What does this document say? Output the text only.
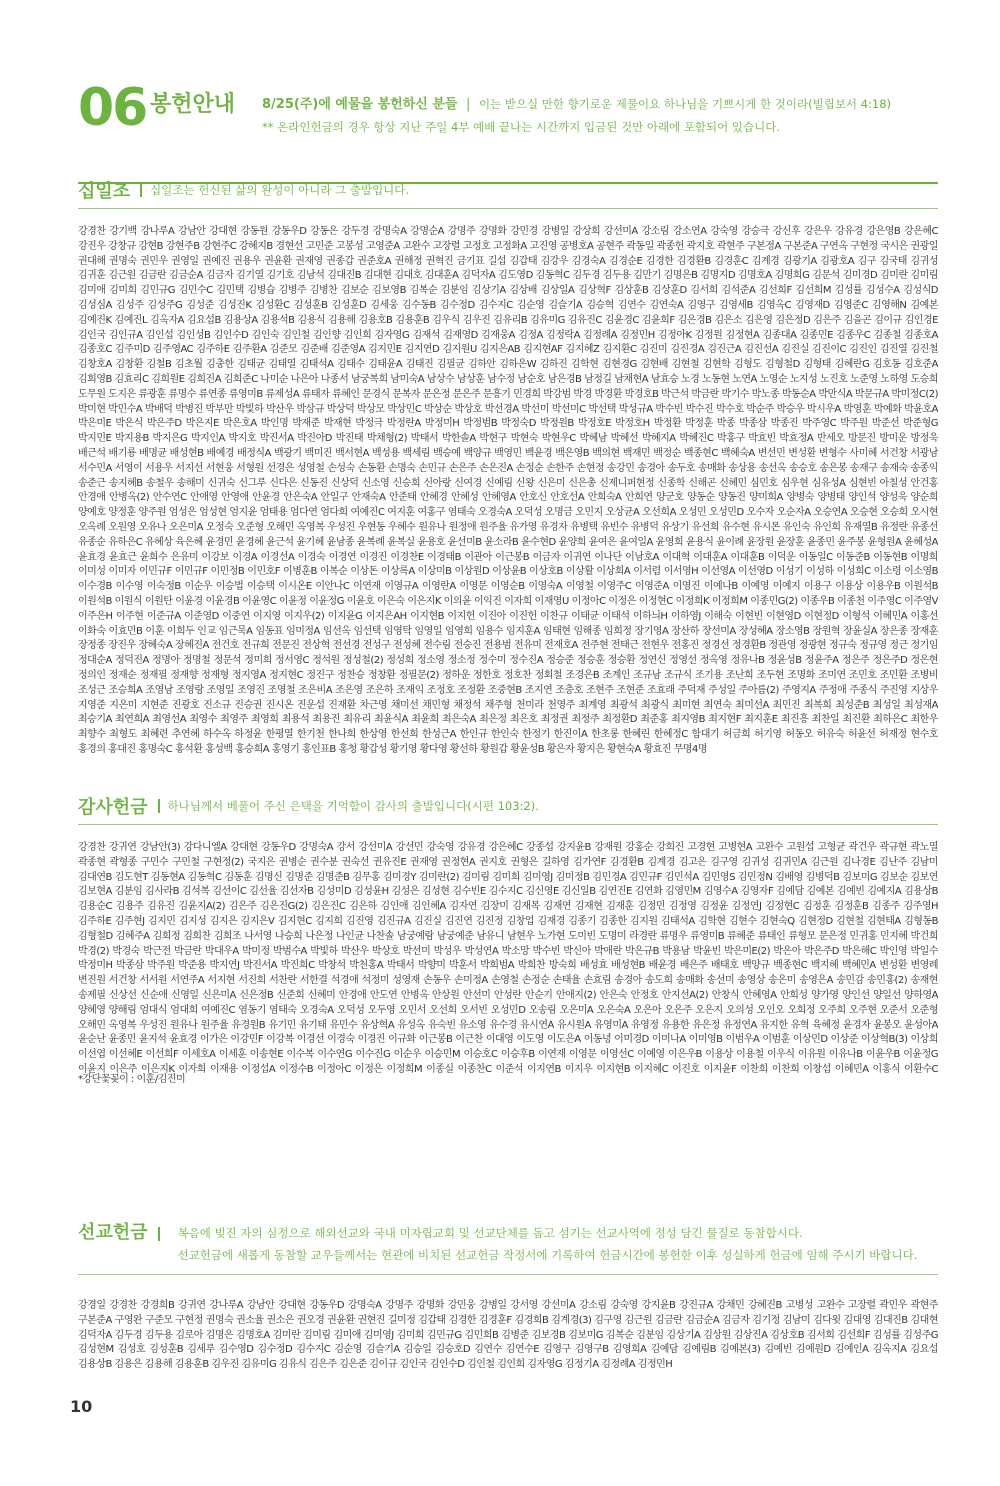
06 봉헌안내 8/25(주)에 예물을 봉헌하신 분들 | 이는 받으실 만한 향기로운 제물이요 하나님을 기쁘시게 한 것이라(빌립보서 4:18)
** 온라인헌금의 경우 항상 지난 주일 4부 예배 끝나는 시간까지 입금된 것만 아래에 포함되어 있습니다.
십일조 십일조는 헌신된 삶의 완성이 아니라 그 출발입니다.
강경찬 강기백 강나루A 강남안 강대현 강동원 강동우D 강동은 강두경 강명숙A 강명순A 강명주 강명화 강민경 강병일 강상희 강선미A 강소림 강소연A 강숙영 강승극 강신후 강은우 강유경 강은영B 강은혜C 강진우 강창규 강현B 강현주B 강현주C 강혜지B 경현선 고민준 고봉성 고영준A 고완수 고장렬 고정호 고정화A 고진영 공병호A 공현주 곽동일 곽종헌 곽지호 곽현주 구본정A 구본준A 구연옥 구현정 국시은 권광일 권대해 권명숙 권민우 권영일 권예진 권용우 권윤환 권재영 권종갑 권준호A 권해정 권혁진 금기표 길섭 김갑태 김강우 김경숙A 김경순E 김경한 김경환B 김경훈C 김계경 김광기A 김광호A 김구 김국태 김귀성 김귀훈 김근원 김금란 김금순A 김금자 김기열 김기호 김남석 김대진B 김대현 김대호 김대훈A 김덕자A 김도영D 김동혁C 김두경 김두용 김만기 김명은B 김명지D 김명호A 김명희G 김문석 김미경D 김미란 김미림 김미애 김미희 김민규G 김민수C 김민택 김병습 김병주 김병찬 김보순 김보영B 김복순 김분임 김상기A 김상배 김상일A 김상혁F 김상훈B 김상훈D 김서희 김석준A 김선희F 김선희M 김성률 김성수A 김성식D 김성심A 김성주 김성주G 김성준 김성진K 김성환C 김성훈B 김성훈D 김세웅 김수동B 김수정D 김수지C 김순영 김슬기A 김승혁 김연수 김연숙A 김영구 김영세B 김영옥C 김영재D 김영준C 김영해N 김예본 김예진K 김예진L 김옥자A 김요섭B 김용상A 김용석B 김용식 김용해 김용호B 김용훈B 김우식 김우진 김유리B 김유미G 김유진C 김윤경C 김윤희F 김은경B 김은소 김은영 김은정D 김은주 김을곤 김이규 김인경E 김인국 김인규A 김인섭 김인성B 김인수D 김인숙 김인철 김인향 김인희 김자영G 김재석 김재영D 김재웅A 김정A 김정락A 김정례A 김정민H 김정아K 김정원 김정현A 김종대A 김종민E 김종우C 김종철 김종호A 김종호C 김주미D 김주영AC 김주하E 김주환A 김준모 김준배 김준영A 김지민E 김지연D 김지원U 김지은AB 김지현AF 김지혜Z 김지환C 김진미 김진경A 김진근A 김진선A 김진실 김진이C 김진인 김진열 김진철 김창호A 김창환 김철B 김초월 김충한 김태균 김태열 김태석A 김태수 김태윤A 김태진 김필균 김하안 김하은W 김하진 김학현 김현경G 김현배 김현철 김현학 김형도 김형철D 김형태 김혜란G 김호동 김호준A 김회영B 김효리C 김희원E 김희진A 김희준C 나미순 나은아 나종서 남궁복희 남미숙A 남상수 남상훈 남수정 남순호 남은경B 남정길 남채현A 남효승 노경 노동현 노연A 노영순 노지성 노진호 노준영 노하영 도승희 도무원 도지은 류광훈 류명수 류연종 류영미B 류제성A 류태자 류혜인 문경식 문복자 문은정 문은주 문흥기 민경희 박강범 박경 박경환 박경호B 박근석 박금란 박기수 박노종 박동순A 박만식A 박문규A 박미정C(2) 박미현 박민수A 박배덕 박병진 박부만 박빛하 박산우 박삼규 박상덕 박상모 박상민C 박상순 박상호 박선경A 박선미 박선미C 박선택 박성규A 박수빈 박수진 박수호 박순주 박승우 박시우A 박영훈 박예화 박윤호A 박은미E 박은식 박은주D 박은지E 박은호A 박인명 박재준 박재현 박정극 박정란A 박정미H 박정범B 박정숙D 박정원B 박정호E 박정호H 박정환 박정훈 박종 박종삼 박종진 박주영C 박주원 박준선 박준형G 박지민E 박지용B 박지은G 박지인A 박지호 박진서A 박진아D 박진태 박채형(2) 박태서 박한솔A 박현구 박현숙 박현우C 박혜남 박혜선 박혜지A 박혜진C 박홍구 박효빈 박효정A 반세오 방문진 방미운 방정욱 배근석 배기룡 배명균 배성현B 배예경 배정식A 백광기 백미진 백서현A 백성용 백세림 백승예 백양규 백영민 백윤경 백은영B 백의현 백재민 백정순 백종현C 백혜숙A 변선민 변성환 변형수 사미혜 서건창 서광남 서수민A 서영이 서용우 서지선 서현웅 서형원 선경은 성영철 손성숙 손동환 손명숙 손민규 손은주 손은진A 손정순 손한주 손현정 송강민 송경아 송두호 송매화 송상용 송선옥 송승호 송은봉 송재구 송재숙 송종익 송준근 송지혜B 송철우 송해미 신귀숙 신그루 신다은 신동진 신상덕 신소영 신승희 신아랑 신여경 신예림 신왕 신은미 신은총 신제니퍼현정 신종학 신해곤 신혜민 심민호 심우현 심유성A 심현빈 아칠성 안건홍 안경애 안병옥(2) 안수연C 안애영 안영애 안윤경 안은숙A 안일구 안재숙A 안준태 안혜경 안혜성 안혜영A 안호신 안호선A 안희숙A 안희연 양군호 양동순 양동진 양미희A 양병숙 양병태 양인석 양성욱 양순희 양예호 양정훈 양주원 엄성은 엄성현 엄지윤 엄태용 엄다연 엄다희 여예진C 여지훈 여홍구 염태숙 오경숙A 오덕성 오명금 오민지 오상균A 오선희A 오성민 오성민D 오수자 오순자A 오승연A 오승현 오승희 오시현 오옥례 오원영 오유나 오은미A 오정숙 오준형 오해민 옥영복 우성진 우현동 우혜수 원유나 원정애 원주율 유가영 유경자 유병택 유빈수 유병덕 유상기 유선희 유수현 유시몬 유인숙 유인희 유재열B 유정란 유종선 유종순 유하은C 유혜상 육은혜 윤경민 윤경혜 윤근석 윤기혜 윤남종 윤복례 윤복실 윤용호 윤선미B 윤소라B 윤수현D 윤양희 윤여은 윤여일A 윤영희 윤용식 윤이례 윤장원 윤장훈 윤종민 윤주봉 윤형원A 윤혜성A 윤효경 윤효근 윤희수 은유미 이강보 이경A 이경선A 이경숙 이경연 이경진 이경찬E 이경태B 이관아 이근봉B 이금자 이귀연 이나단 이남호A 이대혁 이대훈A 이대훈B 이덕운 이동일C 이동준B 이동현B 이명희 이미성 이미자 이민규F 이민규F 이민정B 이민호F 이병훈B 이복순 이상돈 이상록A 이상미B 이상원D 이상윤B 이상호B 이상활 이상희A 이서렴 이서영H 이선영A 이선영D 이성기 이성하 이성희C 이소령 이소영B 이수경B 이수영 이숙정B 이순우 이승법 이승택 이시온E 이안나C 이연재 이영규A 이영란A 이영문 이영순B 이영숙A 이영철 이영주C 이영준A 이영진 이예나B 이예영 이예지 이용구 이용상 이용우B 이원석B 이원석B 이원식 이원탄 이윤경 이윤경B 이윤영C 이윤정 이윤정G 이윤호 이은숙 이은지K 이의윤 이익진 이자희 이재영U 이정아C 이정은 이정현C 이정희K 이정희M 이종민G(2) 이종우B 이종천 이주영C 이주영V 이주은H 이주현 이준규A 이준영D 이중연 이지영 이지우(2) 이지윤G 이지은AH 이지현B 이지헌 이진아 이진헌 이찬규 이태균 이태석 이하늬H 이하영J 이해숙 이현빈 이현영D 이현정D 이형석 이혜민A 이홍선 이화숙 이효민B 이훈 이희두 인교 임근묵A 임동표 임미정A 임선옥 임선택 임영탁 임영일 임영희 임용수 임지훈A 임태현 임해종 임희정 장기영A 장산하 장선미A 장성혜A 장소영B 장원혁 장윤실A 장은종 장재훈 장정종 장진우 장혜숙A 장혜진A 전건호 전규희 전문진 전상혁 전선경 전성구 전성혜 전수림 전승진 전용범 전유미 전재호A 전주현 전태근 전현우 전홍진 정경선 정경환B 정관영 정광현 정규숙 정규영 정근 정기임 정대순A 정덕진A 정명아 정명철 정문석 정미희 정서영C 정석원 정성철(2) 정성희 정소영 정소정 정수미 정수진A 정승준 정승훈 정승환 정연신 정영선 정옥영 정유나B 정윤성B 정윤주A 정은주 정은주D 정은현 정의인 정재순 정재필 정재향 정재형 정지영A 정지현C 정진구 정찬승 정창환 정필문(2) 정하운 정한호 정호찬 정회철 조경은B 조계인 조규남 조규식 조기용 조난희 조두현 조명화 조미연 조민호 조민환 조병비 조성근 조승희A 조영남 조영랑 조영일 조영진 조영철 조은비A 조은영 조은하 조재익 조정호 조정환 조중현B 조지연 조층호 조현주 조현준 조효래 주덕재 주성일 주아름(2) 주영지A 주정애 주종식 주진영 지상우 지영준 지은미 지현준 진광호 진소규 진승권 진시온 진운섭 진재환 차근영 채미선 채민형 채정석 채주형 천미라 천영주 최계영 최광석 최광식 최미현 최연숙 최미선A 최민진 최복희 최성준B 최성일 최성재A 최승기A 최연희A 최영선A 최영수 최영주 최영희 최용석 최용진 최유리 최윤식A 최윤희 최은숙A 최은정 최은호 최정권 최정주 최정환D 최준홍 최지영B 최지현F 최지훈E 최진흥 최찬일 최진환 최하은C 최한우 최향수 최형도 최혜련 추연혜 하수옥 하정윤 한평열 한기천 한나희 한상영 한선희 한성근A 한인규 한인숙 한정기 한진이A 한초롱 한혜린 한혜정C 함대기 허금희 허기영 허동오 허유숙 허윤선 허재정 현수호 홍경의 홍대진 홍명숙C 홍석환 홍성백 홍승희A 홍영기 홍인표B 홍청 황갑성 황기영 황다영 황선하 황원갑 황윤성B 황은자 황지은 황현숙A 황효진 무명4명
감사헌금 하나님께서 베풀어 주신 은택을 기억함이 감사의 출발입니다(시편 103:2).
강경찬 강귀연 강남안(3) 강다니엘A 강대현 강동우D 강명숙A 강서 강선미A 강선민 강숙영 강유경 강은혜C 강종섭 강지윤B 강재원 강홍순 강희진 고경현 고병현A 고완수 고원섭 고형균 곽건우 곽규현 곽노열 곽종현 곽형종 구민수 구민철 구현정(2) 국지은 권병순 권수분 권숙선 권유진E 권재영 권정현A 권지호 권형은 길하영 김가연F 김경환B 김계경 김고은 김구영 김귀성 김귀민A 김근원 김나경E 김난주 김남미 김대연B 김도현T 김동현A 김동혁C 김동훈 김명신 김명준 김명준B 김무홍 김미경Y 김미란(2) 김미림 김미희 김미영J 김미정B 김민경A 김민규F 김민석A 김민영S 김민정N 김배영 김병덕B 김보미G 김보순 김보연 김보현A 김분임 김사라B 김석복 김선이C 김선율 김선자B 김성미D 김성윤H 김성은 김성현 김수빈E 김수지C 김신영E 김신일B 김연진E 김연화 김영민M 김영수A 김영자F 김예담 김예본 김예빈 김예지A 김용상B 김용순C 김용주 김유진 김윤지A(2) 김은주 김은진G(2) 김은진C 김은하 김인애 김인혜A 김자연 김장미 김재목 김재연 김재현 김재훈 김정민 김정영 김정윤 김정연J 김정현C 김정훈 김정훈B 김종주 김주영H 김주하E 김주현J 김지민 김지성 김지은 김지은V 김지현C 김지희 김진영 김진규A 김진실 김진연 김진정 김창업 김재경 김종기 김종한 김지원 김태석A 김학현 김현수 김현숙Q 김현정D 김현철 김현태A 김형동B 김형철D 김혜주A 김희정 김희찬 김희조 나서영 나승희 나은정 나인균 나찬솔 남궁예람 남궁예준 남유니 남현우 노가현 도미빈 도명미 라경란 류명우 류영미B 류혜준 류태인 류형모 문은정 민귀홍 민지혜 박건희 박경(2) 박경숙 박근전 박금란 박대우A 박미정 박범수A 박빛하 박산우 박상호 박선미 박성우 박성연A 박소망 박수빈 박신아 박애란 박은규B 박용남 박윤빈 박은미E(2) 박은아 박은주D 박은해C 박인영 박일수 박정미H 박종삼 박주원 박준용 박지연J 박진서A 박진희C 박창석 박천홍A 박태서 박향미 박훈서 박희범A 박희찬 방숙희 배성효 배성현B 배윤경 배은주 배태호 백양규 백종현C 백지혜 백혜민A 변성환 변영례 변진원 서건창 서서원 서연주A 서지현 서진희 서찬란 서한결 석경애 석정미 성영재 손동우 손미정A 손영철 손정순 손태율 손효림 송경아 송도희 송매화 송선미 송영상 송은미 송영은A 송민감 송민홍(2) 송재현 송제필 신상선 신순애 신영일 신은미A 신은정B 신준희 신혜미 안경애 안도연 안병옥 안상원 안선미 안성란 안순기 안애지(2) 안은숙 안정호 안지선A(2) 안창식 안혜영A 안희성 양가영 양인선 양일선 양하영A 양혜영 양해림 엄대식 엄대희 여예진C 염동기 염태숙 오경숙A 오덕성 오두영 오민서 오선희 오서빈 오성민D 오송림 오은미A 오은숙A 오은아 오은주 오은지 오의성 오인오 오희정 오주희 오주현 오준서 오준형 오해민 옥영복 우성진 원유나 원주율 유경원B 유기민 유기태 유민수 유상혁A 유성옥 유숙빈 유소영 유수경 유시연A 유시원A 유영미A 유영정 유용한 유은정 유정연A 유지한 유혁 육혜정 윤경자 윤봉오 윤성아A 윤순난 윤종민 윤지석 윤효경 이가은 이강민F 이강복 이경선 이경숙 이경진 이규화 이근봉B 이근찬 이대영 이도영 이도은A 이동녕 이미경D 이미나A 이미영B 이범우A 이범훈 이상민D 이상준 이상혁B(3) 이상희 이선엽 이선혜E 이선희F 이세호A 이세훈 이송현E 이수복 이수연G 이수진G 이순우 이승민M 이승호C 이승후B 이연재 이영문 이영선C 이예영 이은우B 이용상 이용철 이우식 이유원 이유나B 이윤우B 이윤정G 이윤지 이은주 이은지K 이자희 이재용 이정섭A 이정수B 이정아C 이정은 이정희M 이종실 이종찬C 이준석 이지연B 이지우 이지현B 이지혜C 이진호 이지윤F 이찬희 이찬희 이창섭 이혜민A 이홍식 이환수C
*강단꽃꽂이 : 이훈/김진미
선교헌금	복음에 빚진 자의 심정으로 해외선교와 국내 미자립교회 및 선교단체를 돕고 섬기는 선교사역에 정성 담긴 물질로 동참합시다.
선교헌금에 새롭게 동참할 교우들께서는 현관에 비치된 선교헌금 작정서에 기록하여 헌금시간에 봉헌한 이후 성실하게 헌금에 임해 주시기 바랍니다.
강경일 강경찬 강경희B 강귀연 강나루A 강남안 강대현 강동우D 강명숙A 강명주 강명화 강민웅 강병일 강서영 강선미A 강소림 강숙영 강지윤B 강진규A 강채민 강혜진B 고병성 고완수 고장렬 곽민우 곽현주 구본준A 구영완 구준모 구현정 권명숙 권소율 권소은 권오경 권윤환 권현진 길미정 김갑태 김경한 김경훈F 김경희B 김계경(3) 김구영 김근원 김금란 김금순A 김금자 김기정 김남미 김다윗 김대영 김대진B 김대현 김덕자A 김두경 김두용 김로아 김명은 김명호A 김미란 김미림 김미애 김미영J 김미희 김민규G 김민희B 김병준 김보경B 김보미G 김복순 김분임 김상기A 김상원 김상진A 김상호B 김서희 김선희F 김성률 김성주G 김성현M 김성호 김성훈B 김세루 김수영D 김수정D 김수지C 김순영 김슬기A 김승일 김승호D 김연수 김연수E 김영구 김영구B 김영희A 김예담 김예림B 김예본(3) 김예빈 김예원D 김예인A 김옥지A 김요섭 김용상B 김용은 김용해 김용훈B 김우진 김유미G 김유식 김은주 김은준 김이규 김인국 김인수D 김인철 김인희 김자영G 김정기A 김정례A 김정민H
10
